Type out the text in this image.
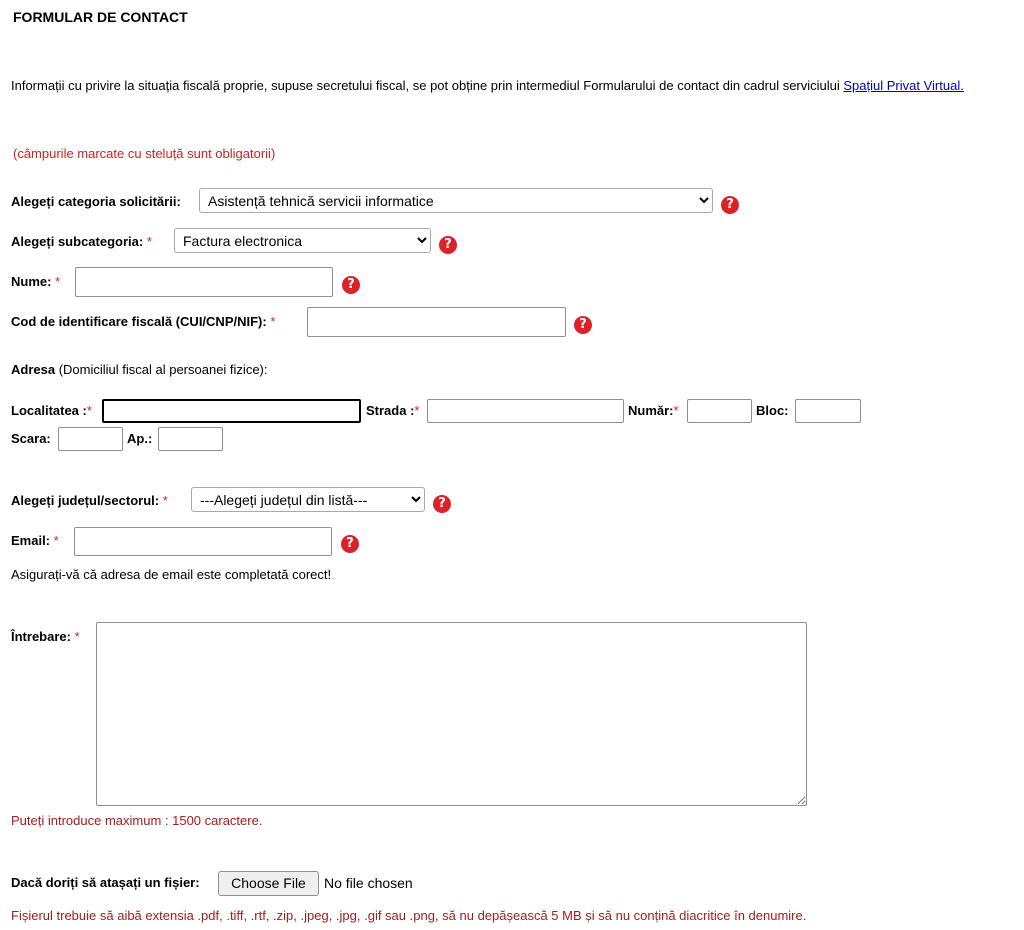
FORMULAR DE CONTACT
Informații cu privire la situația fiscală proprie, supuse secretului fiscal, se pot obține prin intermediul Formularului de contact din cadrul serviciului Spațiul Privat Virtual.
(câmpurile marcate cu steluță sunt obligatorii)
Alegeți categoria solicitării:
Asistență tehnică servicii informatice	?
Alegeți subcategoria: *
Factura electronica	?
Nume: *	?
Cod de identificare fiscală (CUI/CNP/NIF): *	?
Adresa (Domiciliul fiscal al persoanei fizice):
Localitatea :*	Strada :*	Număr:*	Bloc:
Scara:	Ap.:
Alegeți județul/sectorul: *
---Alegeți județul din listă---	?
Email: *	?
Asigurați-vă că adresa de email este completată corect!
Întrebare: *
Puteți introduce maximum : 1500 caractere.
Dacă doriți să atașați un fișier:	Choose File	No file chosen
Fișierul trebuie să aibă extensia .pdf, .tiff, .rtf, .zip, .jpeg, .jpg, .gif sau .png, să nu depășească 5 MB și să nu conțină diacritice în denumire.
